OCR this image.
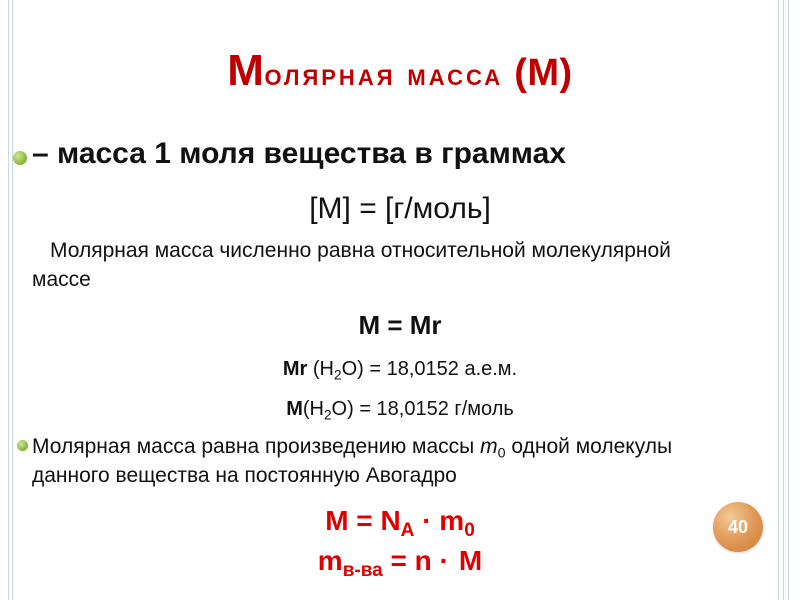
Молярная масса (M)
– масса 1 моля вещества в граммах
[M] = [г/моль]
Молярная масса численно равна относительной молекулярной массе
M = Mr
Mr $(H_2O) = 18,0152$ а.е.м.
$M(H_2O) = 18,0152$ г/моль
Молярная масса равна произведению массы $m_0$ одной молекулы данного вещества на постоянную Авогадро
$M = N_A \cdot m_0$
$m_{в-ва} = n \cdot M$
40
